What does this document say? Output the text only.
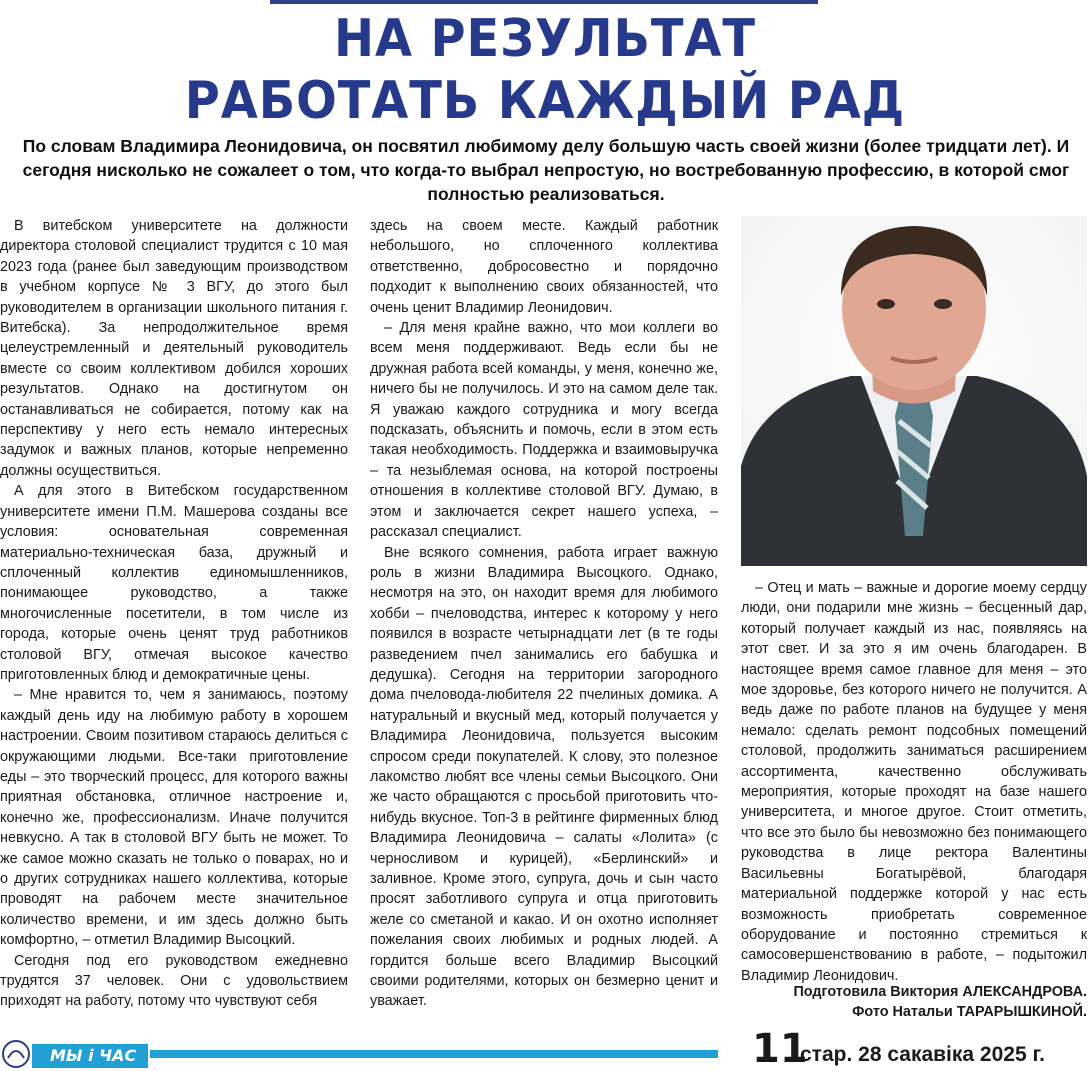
НА РЕЗУЛЬТАТ
РАБОТАТЬ КАЖДЫЙ РАД

По словам Владимира Леонидовича, он посвятил любимому делу большую часть своей жизни (более тридцати лет). И сегодня нисколько не сожалеет о том, что когда-то выбрал непростую, но востребованную профессию, в которой смог полностью реализоваться.

В витебском университете на должности директора столовой специалист трудится с 10 мая 2023 года (ранее был заведующим производством в учебном корпусе № 3 ВГУ, до этого был руководителем в организации школьного питания г. Витебска). За непродолжительное время целеустремленный и деятельный руководитель вместе со своим коллективом добился хороших результатов. Однако на достигнутом он останавливаться не собирается, потому как на перспективу у него есть немало интересных задумок и важных планов, которые непременно должны осуществиться.

А для этого в Витебском государственном университете имени П.М. Машерова созданы все условия: основательная современная материально-техническая база, дружный и сплоченный коллектив единомышленников, понимающее руководство, а также многочисленные посетители, в том числе из города, которые очень ценят труд работников столовой ВГУ, отмечая высокое качество приготовленных блюд и демократичные цены.

– Мне нравится то, чем я занимаюсь, поэтому каждый день иду на любимую работу в хорошем настроении. Своим позитивом стараюсь делиться с окружающими людьми. Все-таки приготовление еды – это творческий процесс, для которого важны приятная обстановка, отличное настроение и, конечно же, профессионализм. Иначе получится невкусно. А так в столовой ВГУ быть не может. То же самое можно сказать не только о поварах, но и о других сотрудниках нашего коллектива, которые проводят на рабочем месте значительное количество времени, и им здесь должно быть комфортно, – отметил Владимир Высоцкий.

Сегодня под его руководством ежедневно трудятся 37 человек. Они с удовольствием приходят на работу, потому что чувствуют себя

здесь на своем месте. Каждый работник небольшого, но сплоченного коллектива ответственно, добросовестно и порядочно подходит к выполнению своих обязанностей, что очень ценит Владимир Леонидович.

– Для меня крайне важно, что мои коллеги во всем меня поддерживают. Ведь если бы не дружная работа всей команды, у меня, конечно же, ничего бы не получилось. И это на самом деле так. Я уважаю каждого сотрудника и могу всегда подсказать, объяснить и помочь, если в этом есть такая необходимость. Поддержка и взаимовыручка – та незыблемая основа, на которой построены отношения в коллективе столовой ВГУ. Думаю, в этом и заключается секрет нашего успеха, – рассказал специалист.

Вне всякого сомнения, работа играет важную роль в жизни Владимира Высоцкого. Однако, несмотря на это, он находит время для любимого хобби – пчеловодства, интерес к которому у него появился в возрасте четырнадцати лет (в те годы разведением пчел занимались его бабушка и дедушка). Сегодня на территории загородного дома пчеловода-любителя 22 пчелиных домика. А натуральный и вкусный мед, который получается у Владимира Леонидовича, пользуется высоким спросом среди покупателей. К слову, это полезное лакомство любят все члены семьи Высоцкого. Они же часто обращаются с просьбой приготовить что-нибудь вкусное. Топ-3 в рейтинге фирменных блюд Владимира Леонидовича – салаты «Лолита» (с черносливом и курицей), «Берлинский» и заливное. Кроме этого, супруга, дочь и сын часто просят заботливого супруга и отца приготовить желе со сметаной и какао. И он охотно исполняет пожелания своих любимых и родных людей. А гордится больше всего Владимир Высоцкий своими родителями, которых он безмерно ценит и уважает.

– Отец и мать – важные и дорогие моему сердцу люди, они подарили мне жизнь – бесценный дар, который получает каждый из нас, появляясь на этот свет. И за это я им очень благодарен. В настоящее время самое главное для меня – это мое здоровье, без которого ничего не получится. А ведь даже по работе планов на будущее у меня немало: сделать ремонт подсобных помещений столовой, продолжить заниматься расширением ассортимента, качественно обслуживать мероприятия, которые проходят на базе нашего университета, и многое другое. Стоит отметить, что все это было бы невозможно без понимающего руководства в лице ректора Валентины Васильевны Богатырёвой, благодаря материальной поддержке которой у нас есть возможность приобретать современное оборудование и постоянно стремиться к самосовершенствованию в работе, – подытожил Владимир Леонидович.

Подготовила Виктория АЛЕКСАНДРОВА.
Фото Натальи ТАРАРЫШКИНОЙ.
МЫ і ЧАС	11
стар. 28 сакавіка 2025 г.
